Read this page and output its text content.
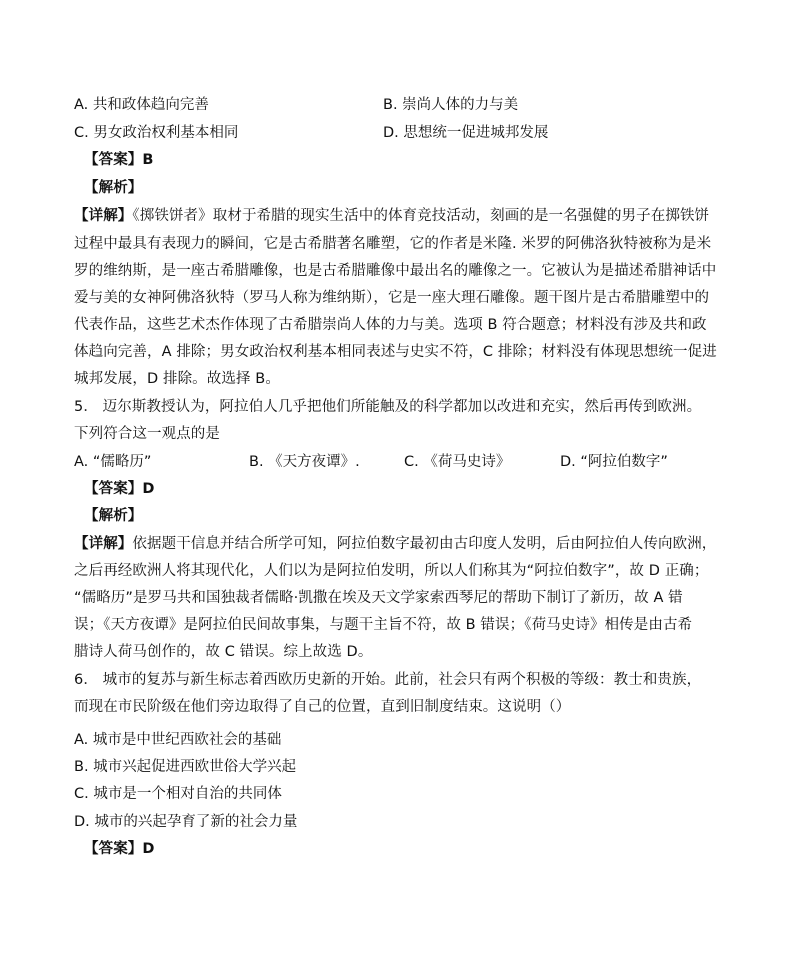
A. 共和政体趋向完善	B. 崇尚人体的力与美
C. 男女政治权利基本相同	D. 思想统一促进城邦发展
【答案】B
【解析】
【详解】《掷铁饼者》取材于希腊的现实生活中的体育竞技活动，刻画的是一名强健的男子在掷铁饼
过程中最具有表现力的瞬间，它是古希腊著名雕塑，它的作者是米隆. 米罗的阿佛洛狄特被称为是米
罗的维纳斯，是一座古希腊雕像，也是古希腊雕像中最出名的雕像之一。它被认为是描述希腊神话中
爱与美的女神阿佛洛狄特（罗马人称为维纳斯），它是一座大理石雕像。题干图片是古希腊雕塑中的
代表作品，这些艺术杰作体现了古希腊崇尚人体的力与美。选项 B 符合题意；材料没有涉及共和政
体趋向完善，A 排除；男女政治权利基本相同表述与史实不符，C 排除；材料没有体现思想统一促进
城邦发展，D 排除。故选择 B。
5． 迈尔斯教授认为，阿拉伯人几乎把他们所能触及的科学都加以改进和充实，然后再传到欧洲。
下列符合这一观点的是
A. “儒略历”	B. 《天方夜谭》.	C. 《荷马史诗》	D. “阿拉伯数字”
【答案】D
【解析】
【详解】依据题干信息并结合所学可知，阿拉伯数字最初由古印度人发明，后由阿拉伯人传向欧洲，
之后再经欧洲人将其现代化，人们以为是阿拉伯发明，所以人们称其为“阿拉伯数字”，故 D 正确；
“儒略历”是罗马共和国独裁者儒略·凯撒在埃及天文学家索西琴尼的帮助下制订了新历，故 A 错
误；《天方夜谭》是阿拉伯民间故事集，与题干主旨不符，故 B 错误；《荷马史诗》相传是由古希
腊诗人荷马创作的，故 C 错误。综上故选 D。
6． 城市的复苏与新生标志着西欧历史新的开始。此前，社会只有两个积极的等级：教士和贵族，
而现在市民阶级在他们旁边取得了自己的位置，直到旧制度结束。这说明（）
A. 城市是中世纪西欧社会的基础
B. 城市兴起促进西欧世俗大学兴起
C. 城市是一个相对自治的共同体
D. 城市的兴起孕育了新的社会力量
【答案】D
